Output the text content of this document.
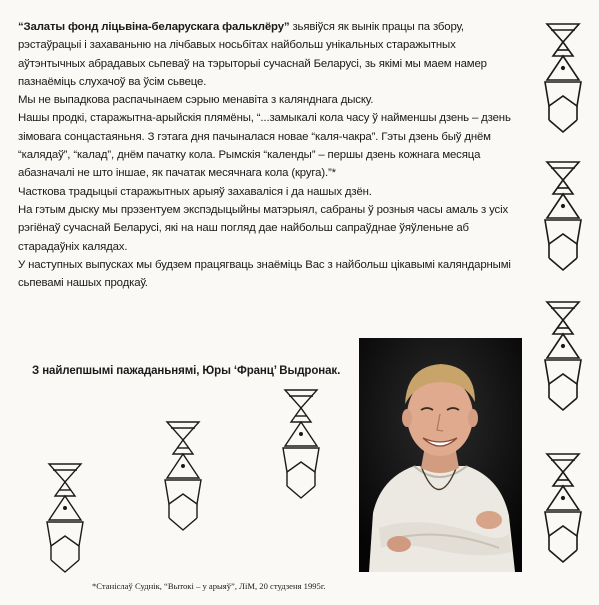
“Залаты фонд лiцьвiна-беларускага фальклёру” зьявiўся як вынiк працы па збору, рэстаўрацыi i захаваньню на лiчбавых носьбiтах найбольш унiкальных старажытных аўтэнтычных абрадавых сьпеваў на тэрыторыi сучаснай Беларусi, зь якiмi мы маем намер пазнаёмiць слухачоў ва ўсiм сьвеце.

Мы не выпадкова распачынаем сэрыю менавiта з калянднага дыску.

Нашы продкi, старажытна-арыйскiя плямёны, “...замыкалi кола часу ў найменшы дзень – дзень зiмовага сонцастаяньня. З гэтага дня пачыналася новае “каля-чакра”. Гэты дзень быў днём “калядаў”, “калад”, днём пачатку кола. Рымскiя “календы” – першы дзень кожнага месяца абазначалi не што iншае, як пачатак месячнага кола (круга).”*

Частковa традыцыi старажытных арыяў захавалiся i да нашых дзён.

На гэтым дыску мы прэзентуем экспэдыцыйны матэрыял, сабраны ў розныя часы амаль з усiх рэгiёнаў сучаснай Беларусi, якi на наш погляд дае найбольш сапраўднае ўяўленьне аб старадаўнiх калядах.

У наступных выпусках мы будзем працягваць знаёмiць Вас з найбольш цiкавымi каляндарнымi сьпевамi нашых продкаў.

З найлепшымi пажаданьнямi, Юры ‘Франц’ Выдронак.
*Станiслаў Суднiк, “Вытокi – у арыяў”, ЛiМ, 20 студзеня 1995г.
